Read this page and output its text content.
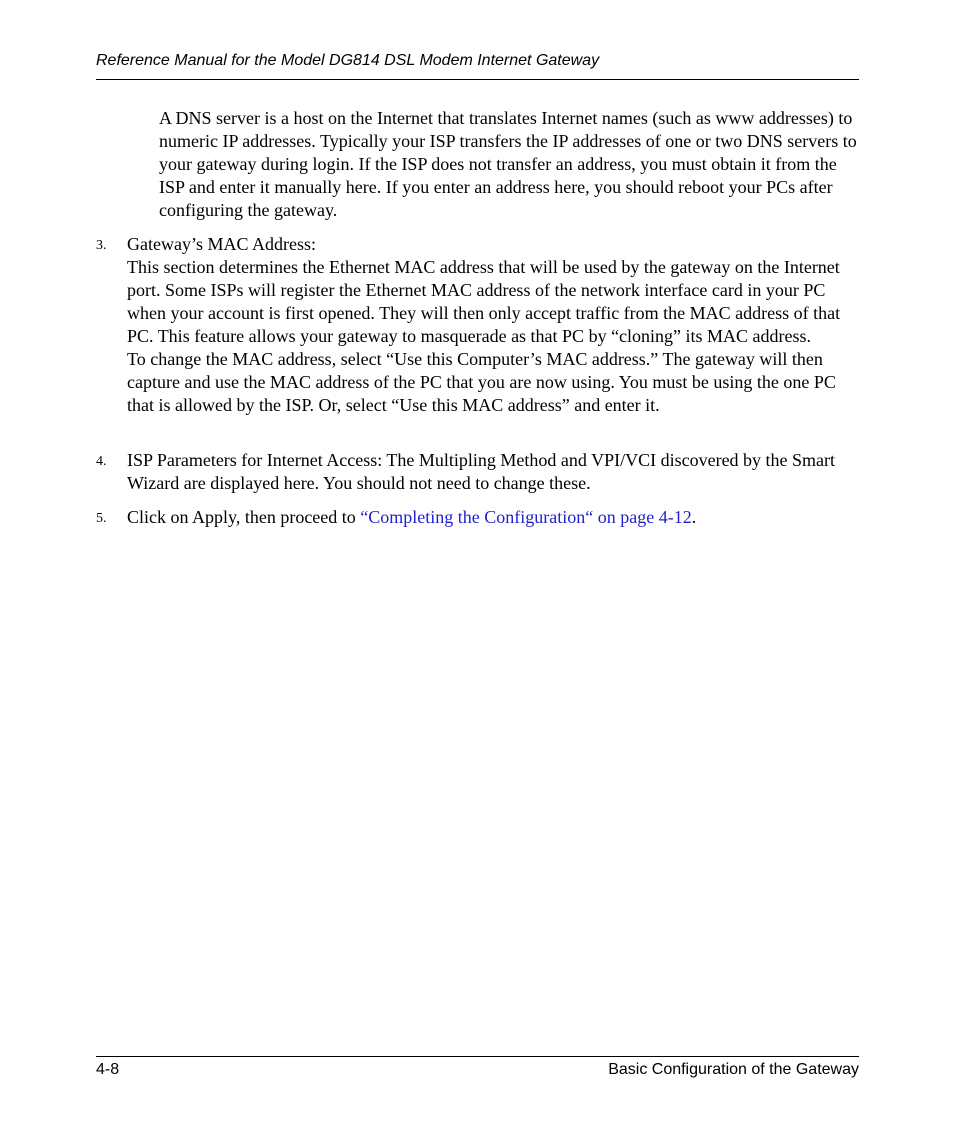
Reference Manual for the Model DG814 DSL Modem Internet Gateway

A DNS server is a host on the Internet that translates Internet names (such as www addresses) to numeric IP addresses. Typically your ISP transfers the IP addresses of one or two DNS servers to your gateway during login. If the ISP does not transfer an address, you must obtain it from the ISP and enter it manually here. If you enter an address here, you should reboot your PCs after configuring the gateway.

3. Gateway’s MAC Address:

This section determines the Ethernet MAC address that will be used by the gateway on the Internet port. Some ISPs will register the Ethernet MAC address of the network interface card in your PC when your account is first opened. They will then only accept traffic from the MAC address of that PC. This feature allows your gateway to masquerade as that PC by “cloning” its MAC address.

To change the MAC address, select “Use this Computer’s MAC address.” The gateway will then capture and use the MAC address of the PC that you are now using. You must be using the one PC that is allowed by the ISP. Or, select “Use this MAC address” and enter it.

4. ISP Parameters for Internet Access: The Multipling Method and VPI/VCI discovered by the Smart Wizard are displayed here. You should not need to change these.

5. Click on Apply, then proceed to “Completing the Configuration“ on page 4-12.

4-8	Basic Configuration of the Gateway
